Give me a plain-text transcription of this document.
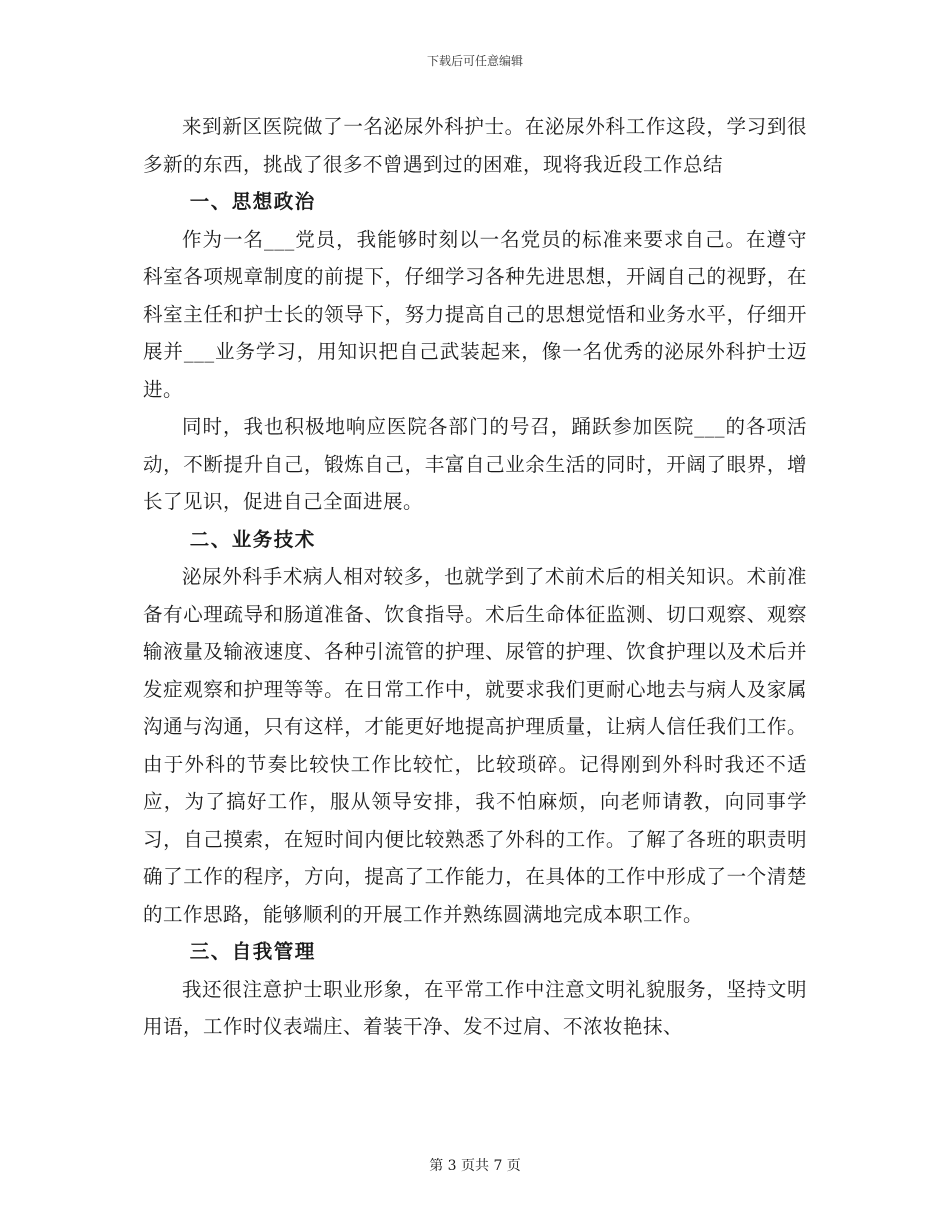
下载后可任意编辑

来到新区医院做了一名泌尿外科护士。在泌尿外科工作这段，学习到很多新的东西，挑战了很多不曾遇到过的困难，现将我近段工作总结

一、思想政治

作为一名___党员，我能够时刻以一名党员的标准来要求自己。在遵守科室各项规章制度的前提下，仔细学习各种先进思想，开阔自己的视野，在科室主任和护士长的领导下，努力提高自己的思想觉悟和业务水平，仔细开展并___业务学习，用知识把自己武装起来，像一名优秀的泌尿外科护士迈进。

同时，我也积极地响应医院各部门的号召，踊跃参加医院___的各项活动，不断提升自己，锻炼自己，丰富自己业余生活的同时，开阔了眼界，增长了见识，促进自己全面进展。

二、业务技术

泌尿外科手术病人相对较多，也就学到了术前术后的相关知识。术前准备有心理疏导和肠道准备、饮食指导。术后生命体征监测、切口观察、观察输液量及输液速度、各种引流管的护理、尿管的护理、饮食护理以及术后并发症观察和护理等等。在日常工作中，就要求我们更耐心地去与病人及家属沟通与沟通，只有这样，才能更好地提高护理质量，让病人信任我们工作。由于外科的节奏比较快工作比较忙，比较琐碎。记得刚到外科时我还不适应，为了搞好工作，服从领导安排，我不怕麻烦，向老师请教，向同事学习，自己摸索，在短时间内便比较熟悉了外科的工作。了解了各班的职责明确了工作的程序，方向，提高了工作能力，在具体的工作中形成了一个清楚的工作思路，能够顺利的开展工作并熟练圆满地完成本职工作。

三、自我管理

我还很注意护士职业形象，在平常工作中注意文明礼貌服务，坚持文明用语，工作时仪表端庄、着装干净、发不过肩、不浓妆艳抹、

第 3 页共 7 页
